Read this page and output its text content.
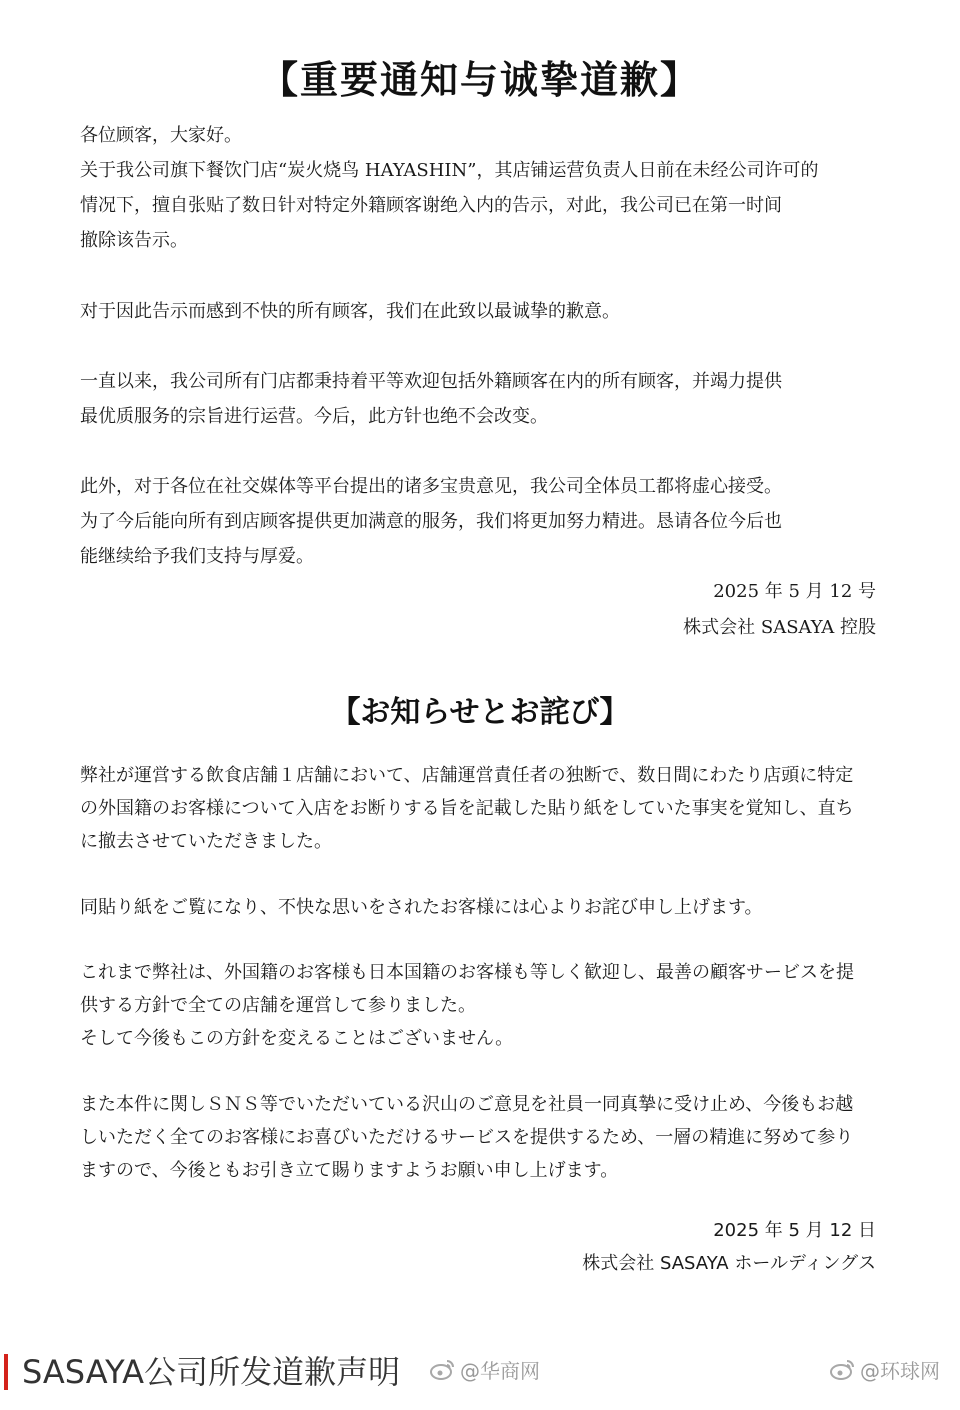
【重要通知与诚挚道歉】

各位顾客，大家好。
关于我公司旗下餐饮门店“炭火烧鸟 HAYASHIN”，其店铺运营负责人日前在未经公司许可的
情况下，擅自张贴了数日针对特定外籍顾客谢绝入内的告示，对此，我公司已在第一时间
撤除该告示。

对于因此告示而感到不快的所有顾客，我们在此致以最诚挚的歉意。

一直以来，我公司所有门店都秉持着平等欢迎包括外籍顾客在内的所有顾客，并竭力提供
最优质服务的宗旨进行运营。今后，此方针也绝不会改变。

此外，对于各位在社交媒体等平台提出的诸多宝贵意见，我公司全体员工都将虚心接受。
为了今后能向所有到店顾客提供更加满意的服务，我们将更加努力精进。恳请各位今后也
能继续给予我们支持与厚爱。

2025 年 5 月 12 号
株式会社 SASAYA 控股
【お知らせとお詫び】

弊社が運営する飲食店舗１店舗において、店舗運営責任者の独断で、数日間にわたり店頭に特定
の外国籍のお客様について入店をお断りする旨を記載した貼り紙をしていた事実を覚知し、直ち
に撤去させていただきました。

同貼り紙をご覧になり、不快な思いをされたお客様には心よりお詫び申し上げます。

これまで弊社は、外国籍のお客様も日本国籍のお客様も等しく歓迎し、最善の顧客サービスを提
供する方針で全ての店舗を運営して参りました。
そして今後もこの方針を変えることはございません。

また本件に関しＳＮＳ等でいただいている沢山のご意見を社員一同真摯に受け止め、今後もお越
しいただく全てのお客様にお喜びいただけるサービスを提供するため、一層の精進に努めて参り
ますので、今後ともお引き立て賜りますようお願い申し上げます。

2025 年 5 月 12 日
株式会社 SASAYA ホールディングス
SASAYA公司所发道歉声明	@华商网	@环球网
